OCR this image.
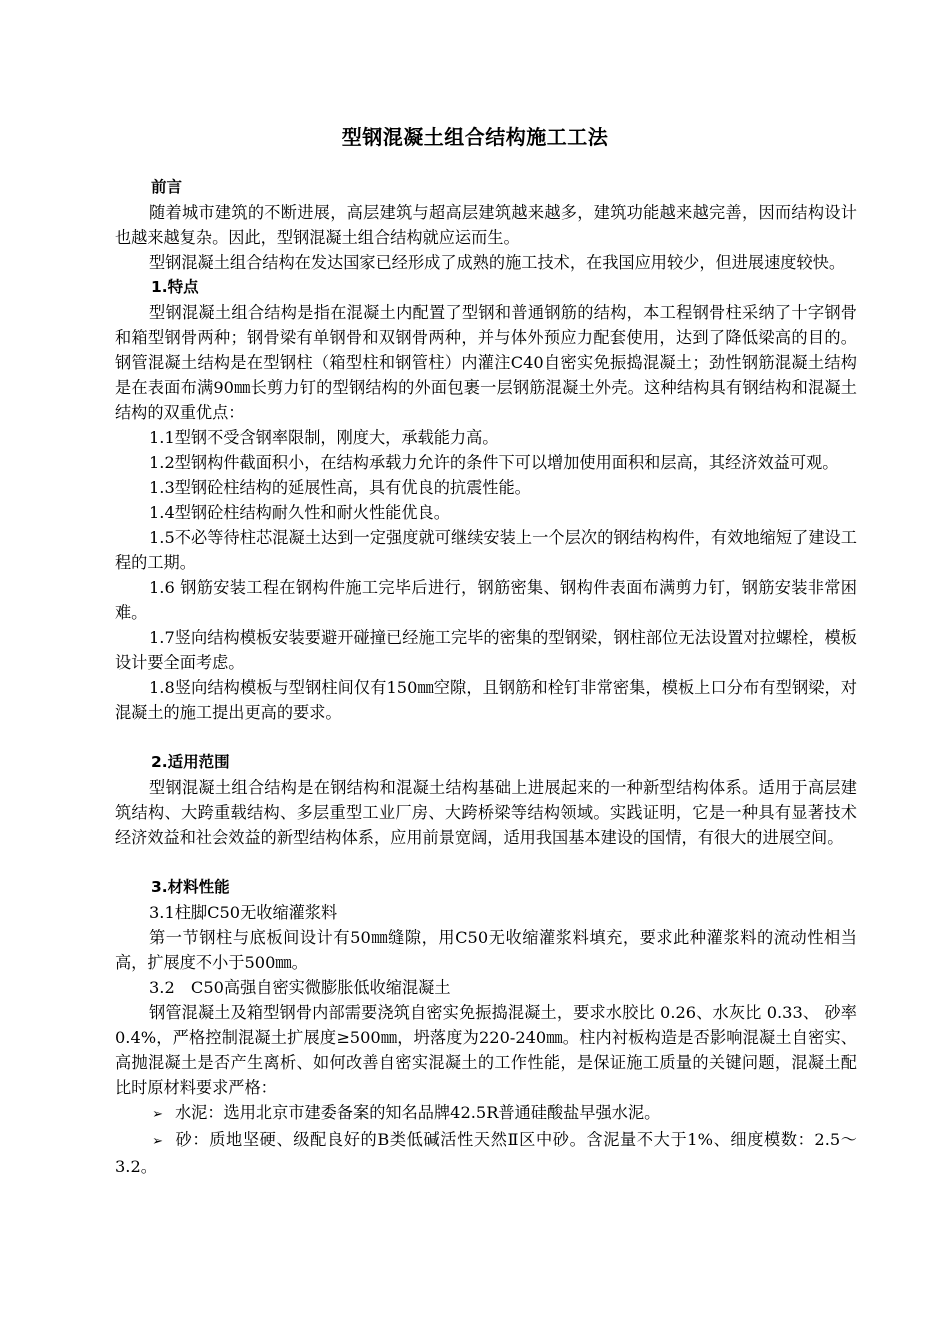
型钢混凝土组合结构施工工法

前言

随着城市建筑的不断进展，高层建筑与超高层建筑越来越多，建筑功能越来越完善，因而结构设计也越来越复杂。因此，型钢混凝土组合结构就应运而生。

型钢混凝土组合结构在发达国家已经形成了成熟的施工技术，在我国应用较少，但进展速度较快。

1.特点

型钢混凝土组合结构是指在混凝土内配置了型钢和普通钢筋的结构，本工程钢骨柱采纳了十字钢骨和箱型钢骨两种；钢骨梁有单钢骨和双钢骨两种，并与体外预应力配套使用，达到了降低梁高的目的。钢管混凝土结构是在型钢柱（箱型柱和钢管柱）内灌注C40自密实免振捣混凝土；劲性钢筋混凝土结构是在表面布满90㎜长剪力钉的型钢结构的外面包裹一层钢筋混凝土外壳。这种结构具有钢结构和混凝土结构的双重优点：

1.1型钢不受含钢率限制，刚度大，承载能力高。

1.2型钢构件截面积小，在结构承载力允许的条件下可以增加使用面积和层高，其经济效益可观。

1.3型钢砼柱结构的延展性高，具有优良的抗震性能。

1.4型钢砼柱结构耐久性和耐火性能优良。

1.5不必等待柱芯混凝土达到一定强度就可继续安装上一个层次的钢结构构件，有效地缩短了建设工程的工期。

1.6 钢筋安装工程在钢构件施工完毕后进行，钢筋密集、钢构件表面布满剪力钉，钢筋安装非常困难。

1.7竖向结构模板安装要避开碰撞已经施工完毕的密集的型钢梁，钢柱部位无法设置对拉螺栓，模板设计要全面考虑。

1.8竖向结构模板与型钢柱间仅有150㎜空隙，且钢筋和栓钉非常密集，模板上口分布有型钢梁，对混凝土的施工提出更高的要求。

2.适用范围

型钢混凝土组合结构是在钢结构和混凝土结构基础上进展起来的一种新型结构体系。适用于高层建筑结构、大跨重载结构、多层重型工业厂房、大跨桥梁等结构领域。实践证明，它是一种具有显著技术经济效益和社会效益的新型结构体系，应用前景宽阔，适用我国基本建设的国情，有很大的进展空间。

3.材料性能

3.1柱脚C50无收缩灌浆料

第一节钢柱与底板间设计有50㎜缝隙，用C50无收缩灌浆料填充，要求此种灌浆料的流动性相当高，扩展度不小于500㎜。

3.2　C50高强自密实微膨胀低收缩混凝土

钢管混凝土及箱型钢骨内部需要浇筑自密实免振捣混凝土，要求水胶比 0.26、水灰比 0.33、 砂率 0.4%，严格控制混凝土扩展度≥500㎜，坍落度为220-240㎜。柱内衬板构造是否影响混凝土自密实、高抛混凝土是否产生离析、如何改善自密实混凝土的工作性能，是保证施工质量的关键问题，混凝土配比时原材料要求严格：

➢ 水泥：选用北京市建委备案的知名品牌42.5R普通硅酸盐早强水泥。

➢ 砂：质地坚硬、级配良好的B类低碱活性天然Ⅱ区中砂。含泥量不大于1%、细度模数：2.5～3.2。
